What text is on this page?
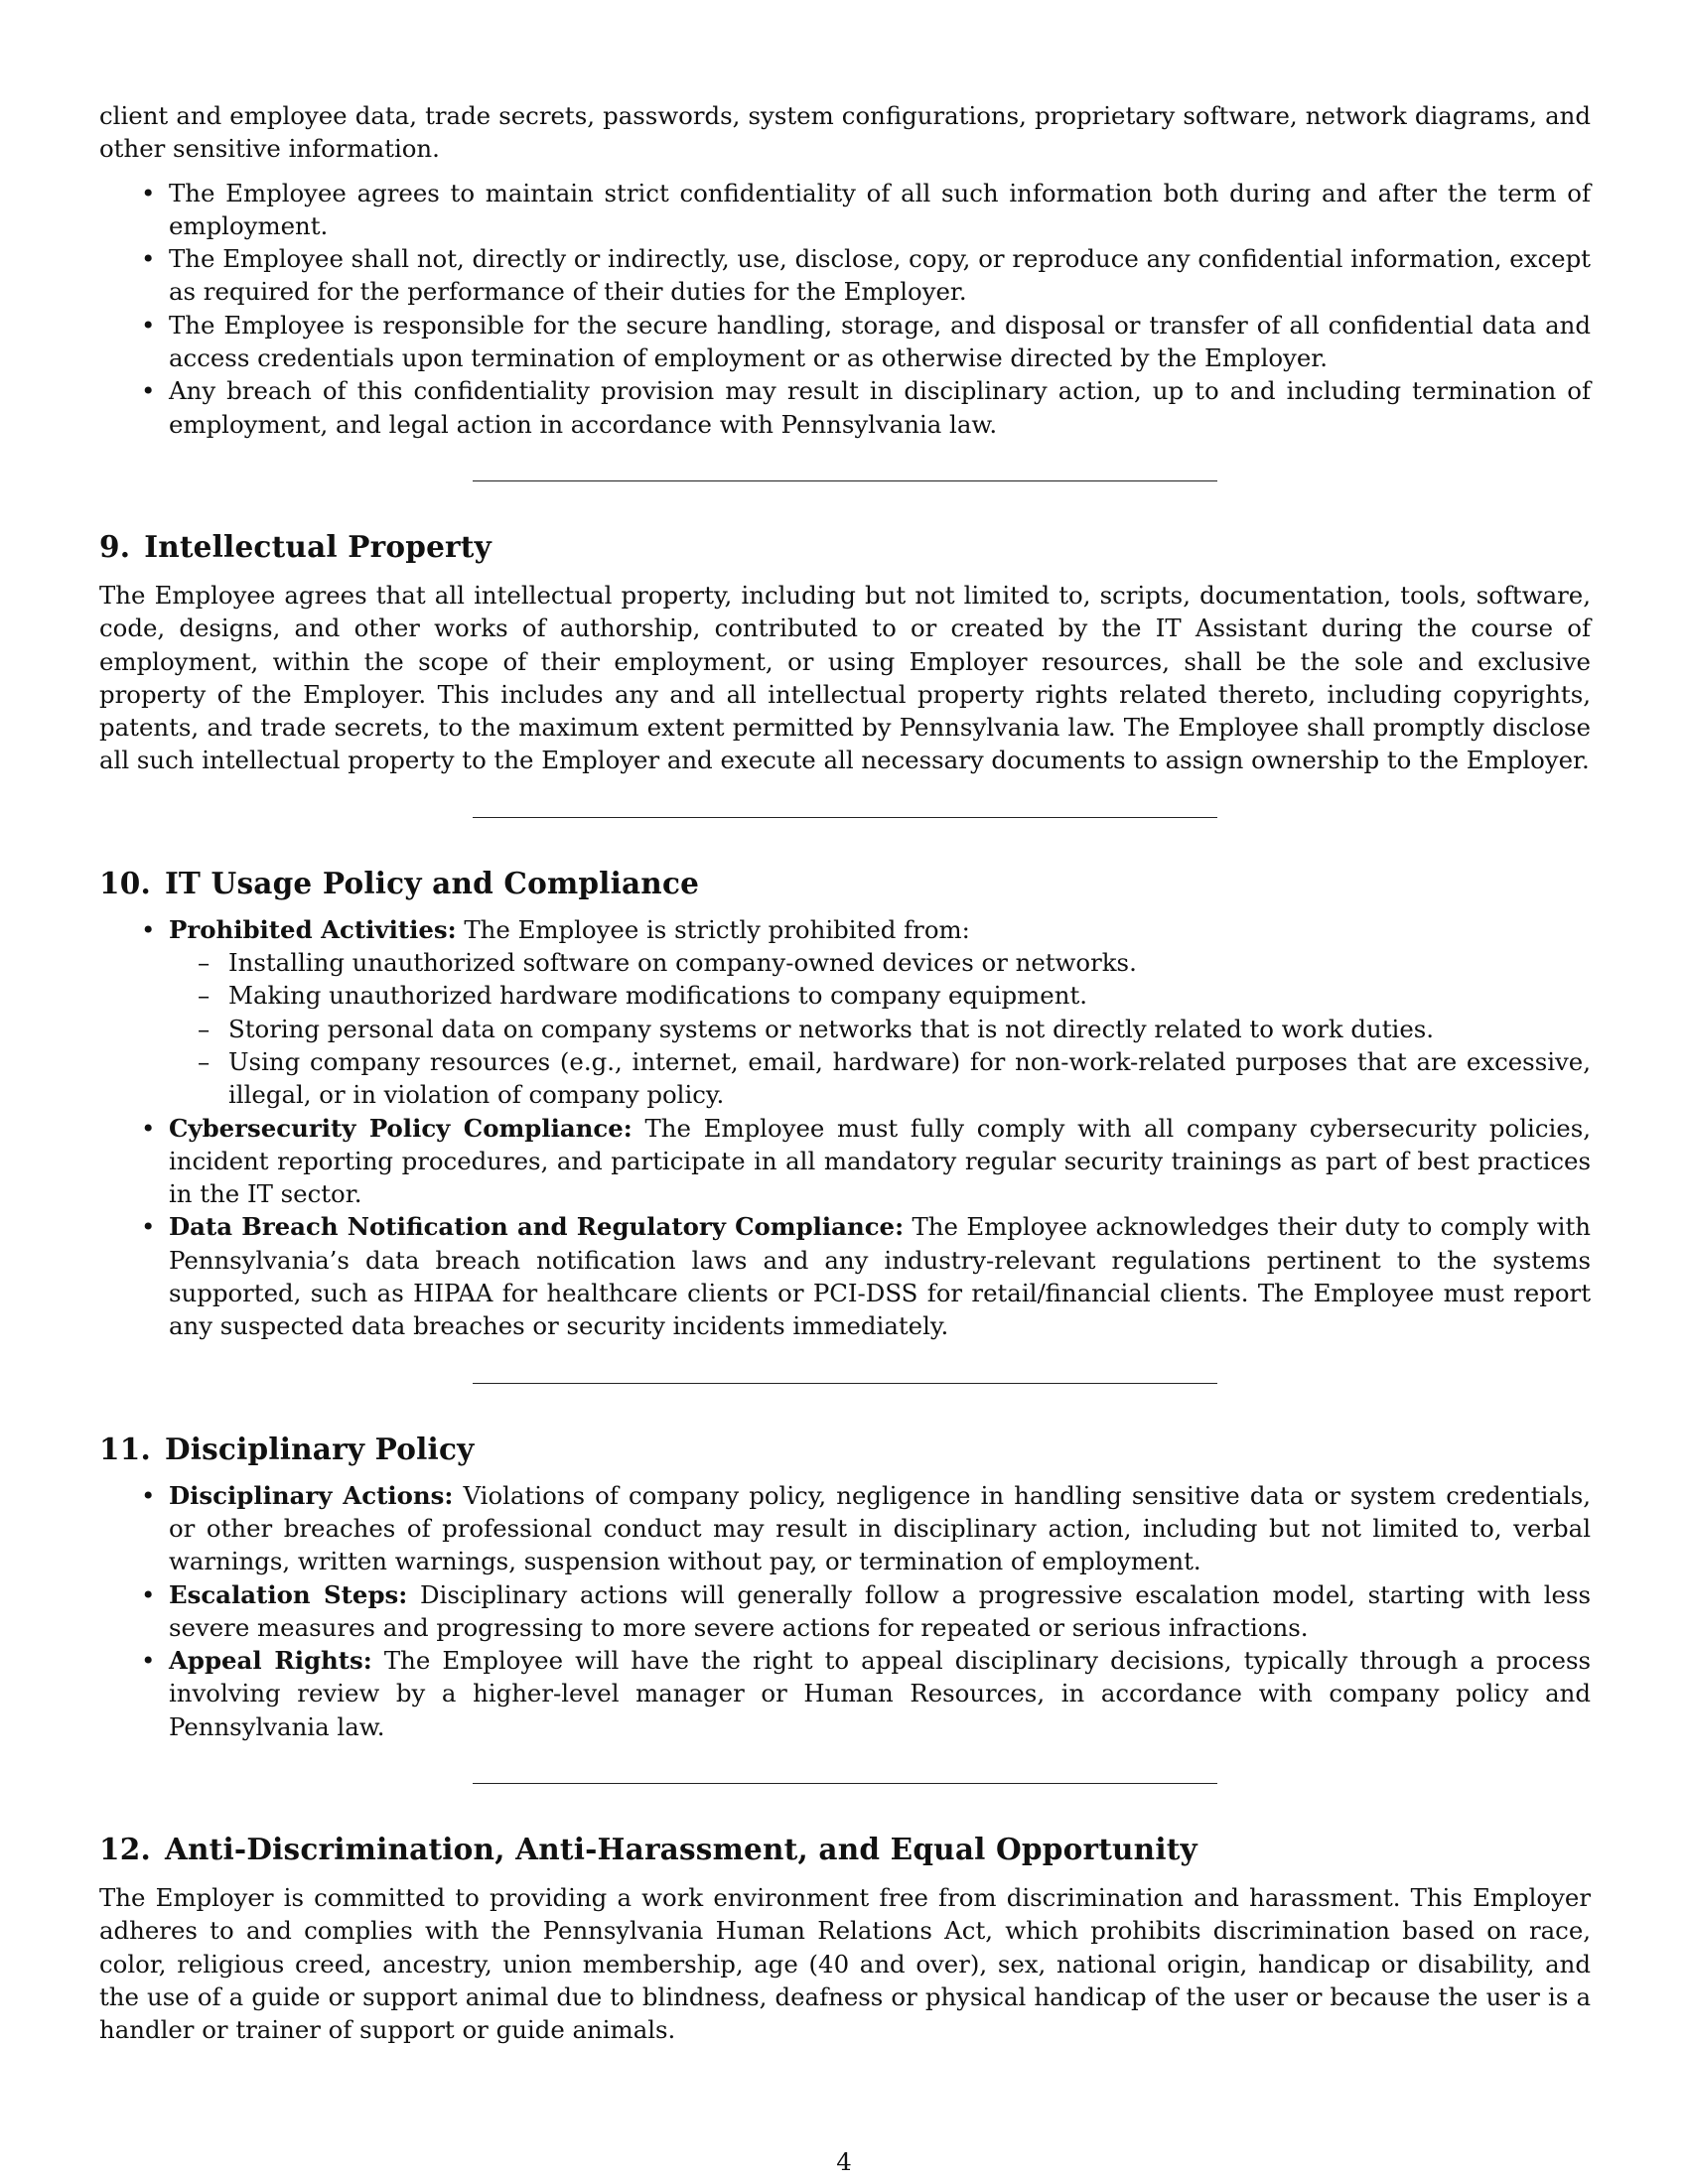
client and employee data, trade secrets, passwords, system configurations, proprietary software, network diagrams, and other sensitive information.

• The Employee agrees to maintain strict confidentiality of all such information both during and after the term of employment.
• The Employee shall not, directly or indirectly, use, disclose, copy, or reproduce any confidential information, except as required for the performance of their duties for the Employer.
• The Employee is responsible for the secure handling, storage, and disposal or transfer of all confidential data and access credentials upon termination of employment or as otherwise directed by the Employer.
• Any breach of this confidentiality provision may result in disciplinary action, up to and including termination of employment, and legal action in accordance with Pennsylvania law.
9. Intellectual Property

The Employee agrees that all intellectual property, including but not limited to, scripts, documentation, tools, software, code, designs, and other works of authorship, contributed to or created by the IT Assistant during the course of employment, within the scope of their employment, or using Employer resources, shall be the sole and exclusive property of the Employer. This includes any and all intellectual property rights related thereto, including copyrights, patents, and trade secrets, to the maximum extent permitted by Pennsylvania law. The Employee shall promptly disclose all such intellectual property to the Employer and execute all necessary documents to assign ownership to the Employer.

10. IT Usage Policy and Compliance
• Prohibited Activities: The Employee is strictly prohibited from:
– Installing unauthorized software on company-owned devices or networks.
– Making unauthorized hardware modifications to company equipment.
– Storing personal data on company systems or networks that is not directly related to work duties.
– Using company resources (e.g., internet, email, hardware) for non-work-related purposes that are excessive, illegal, or in violation of company policy.
• Cybersecurity Policy Compliance: The Employee must fully comply with all company cybersecurity policies, incident reporting procedures, and participate in all mandatory regular security trainings as part of best practices in the IT sector.
• Data Breach Notification and Regulatory Compliance: The Employee acknowledges their duty to comply with Pennsylvania’s data breach notification laws and any industry-relevant regulations pertinent to the systems supported, such as HIPAA for healthcare clients or PCI-DSS for retail/financial clients. The Employee must report any suspected data breaches or security incidents immediately.
11. Disciplinary Policy
• Disciplinary Actions: Violations of company policy, negligence in handling sensitive data or system credentials, or other breaches of professional conduct may result in disciplinary action, including but not limited to, verbal warnings, written warnings, suspension without pay, or termination of employment.
• Escalation Steps: Disciplinary actions will generally follow a progressive escalation model, starting with less severe measures and progressing to more severe actions for repeated or serious infractions.
• Appeal Rights: The Employee will have the right to appeal disciplinary decisions, typically through a process involving review by a higher-level manager or Human Resources, in accordance with company policy and Pennsylvania law.
12. Anti-Discrimination, Anti-Harassment, and Equal Opportunity

The Employer is committed to providing a work environment free from discrimination and harassment. This Employer adheres to and complies with the Pennsylvania Human Relations Act, which prohibits discrimination based on race, color, religious creed, ancestry, union membership, age (40 and over), sex, national origin, handicap or disability, and the use of a guide or support animal due to blindness, deafness or physical handicap of the user or because the user is a handler or trainer of support or guide animals.

4
